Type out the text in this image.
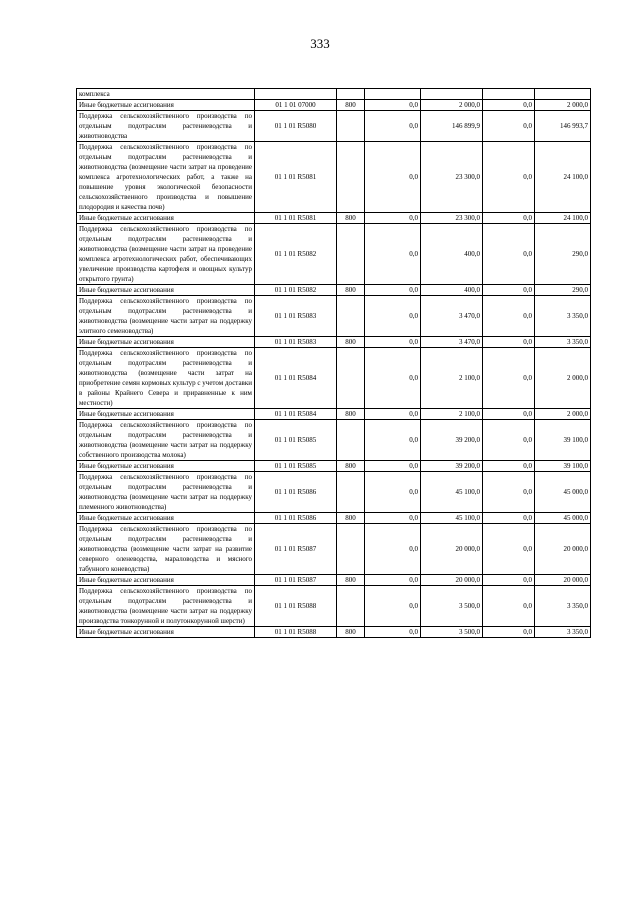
333
комплекса						
Иные бюджетные ассигнования	01 1 01 07000	800	0,0	2 000,0	0,0	2 000,0
Поддержка сельскохозяйственного производства по отдельным подотраслям растениеводства и животноводства	01 1 01 R5080		0,0	146 899,9	0,0	146 993,7
Поддержка сельскохозяйственного производства по отдельным подотраслям растениеводства и животноводства (возмещение части затрат на проведение комплекса агротехнологических работ, а также на повышение уровня экологической безопасности сельскохозяйственного производства и повышение плодородия и качества почв)	01 1 01 R5081		0,0	23 300,0	0,0	24 100,0
Иные бюджетные ассигнования	01 1 01 R5081	800	0,0	23 300,0	0,0	24 100,0
Поддержка сельскохозяйственного производства по отдельным подотраслям растениеводства и животноводства (возмещение части затрат на проведение комплекса агротехнологических работ, обеспечивающих увеличение производства картофеля и овощных культур открытого грунта)	01 1 01 R5082		0,0	400,0	0,0	290,0
Иные бюджетные ассигнования	01 1 01 R5082	800	0,0	400,0	0,0	290,0
Поддержка сельскохозяйственного производства по отдельным подотраслям растениеводства и животноводства (возмещение части затрат на поддержку элитного семеноводства)	01 1 01 R5083		0,0	3 470,0	0,0	3 350,0
Иные бюджетные ассигнования	01 1 01 R5083	800	0,0	3 470,0	0,0	3 350,0
Поддержка сельскохозяйственного производства по отдельным подотраслям растениеводства и животноводства (возмещение части затрат на приобретение семян кормовых культур с учетом доставки в районы Крайнего Севера и приравненные к ним местности)	01 1 01 R5084		0,0	2 100,0	0,0	2 000,0
Иные бюджетные ассигнования	01 1 01 R5084	800	0,0	2 100,0	0,0	2 000,0
Поддержка сельскохозяйственного производства по отдельным подотраслям растениеводства и животноводства (возмещение части затрат на поддержку собственного производства молока)	01 1 01 R5085		0,0	39 200,0	0,0	39 100,0
Иные бюджетные ассигнования	01 1 01 R5085	800	0,0	39 200,0	0,0	39 100,0
Поддержка сельскохозяйственного производства по отдельным подотраслям растениеводства и животноводства (возмещение части затрат на поддержку племенного животноводства)	01 1 01 R5086		0,0	45 100,0	0,0	45 000,0
Иные бюджетные ассигнования	01 1 01 R5086	800	0,0	45 100,0	0,0	45 000,0
Поддержка сельскохозяйственного производства по отдельным подотраслям растениеводства и животноводства (возмещение части затрат на развитие северного оленеводства, мараловодства и мясного табунного коневодства)	01 1 01 R5087		0,0	20 000,0	0,0	20 000,0
Иные бюджетные ассигнования	01 1 01 R5087	800	0,0	20 000,0	0,0	20 000,0
Поддержка сельскохозяйственного производства по отдельным подотраслям растениеводства и животноводства (возмещение части затрат на поддержку производства тонкорунной и полутонкорунной шерсти)	01 1 01 R5088		0,0	3 500,0	0,0	3 350,0
Иные бюджетные ассигнования	01 1 01 R5088	800	0,0	3 500,0	0,0	3 350,0
